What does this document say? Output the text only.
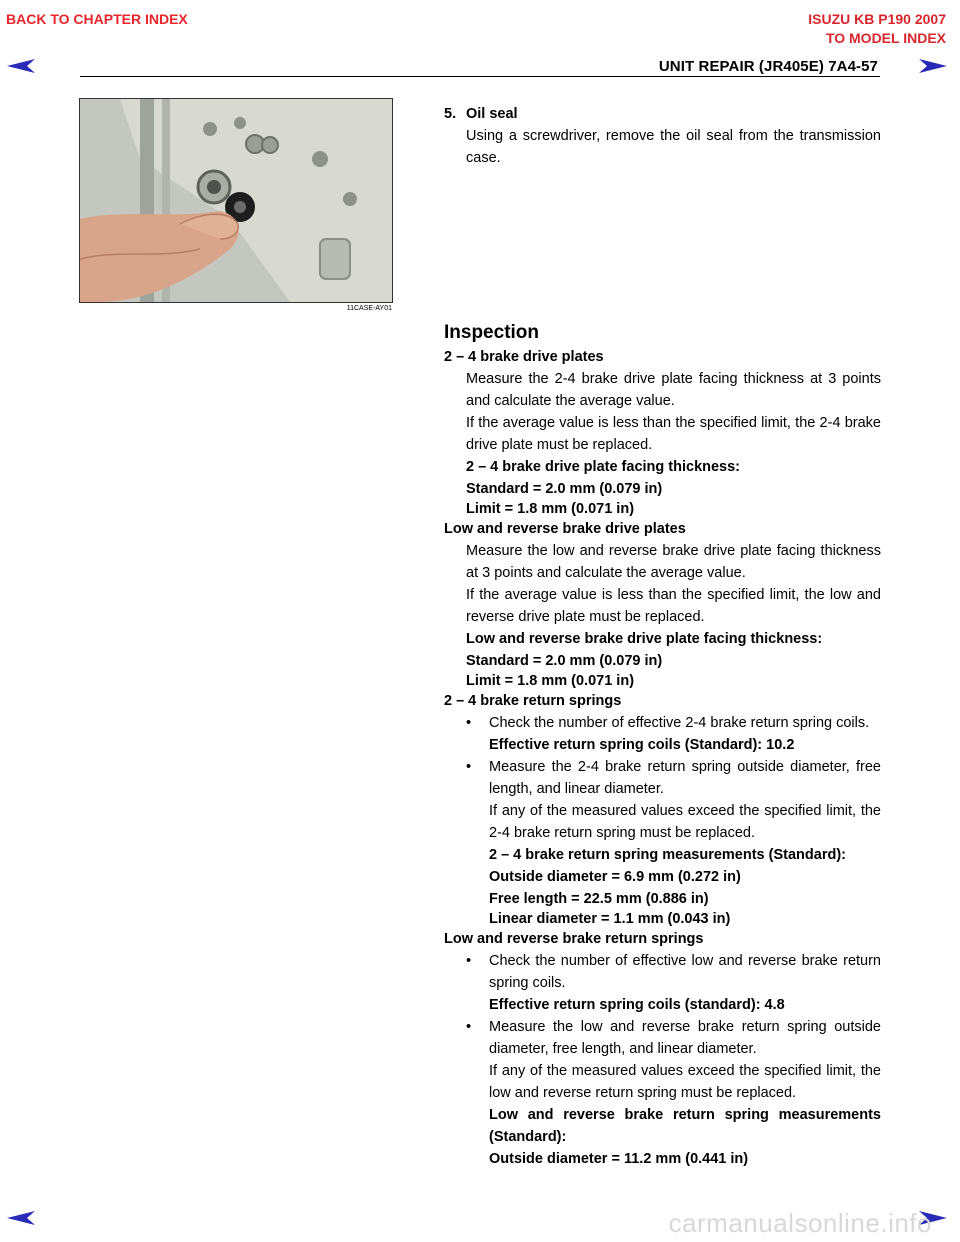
BACK TO CHAPTER INDEX	ISUZU KB P190 2007
TO MODEL INDEX
UNIT REPAIR (JR405E) 7A4-57
11CASE-AY01
5. Oil seal
Using a screwdriver, remove the oil seal from the transmission case.
Inspection
2 – 4 brake drive plates
Measure the 2-4 brake drive plate facing thickness at 3 points and calculate the average value.
If the average value is less than the specified limit, the 2-4 brake drive plate must be replaced.
2 – 4 brake drive plate facing thickness:
Standard = 2.0 mm (0.079 in)
Limit = 1.8 mm (0.071 in)
Low and reverse brake drive plates
Measure the low and reverse brake drive plate facing thickness at 3 points and calculate the average value.
If the average value is less than the specified limit, the low and reverse drive plate must be replaced.
Low and reverse brake drive plate facing thickness:
Standard = 2.0 mm (0.079 in)
Limit = 1.8 mm (0.071 in)
2 – 4 brake return springs
• Check the number of effective 2-4 brake return spring coils.
Effective return spring coils (Standard): 10.2
• Measure the 2-4 brake return spring outside diameter, free length, and linear diameter.
If any of the measured values exceed the specified limit, the 2-4 brake return spring must be replaced.
2 – 4 brake return spring measurements (Standard):
Outside diameter = 6.9 mm (0.272 in)
Free length = 22.5 mm (0.886 in)
Linear diameter = 1.1 mm (0.043 in)
Low and reverse brake return springs
• Check the number of effective low and reverse brake return spring coils.
Effective return spring coils (standard): 4.8
• Measure the low and reverse brake return spring outside diameter, free length, and linear diameter.
If any of the measured values exceed the specified limit, the low and reverse return spring must be replaced.
Low and reverse brake return spring measurements (Standard):
Outside diameter = 11.2 mm (0.441 in)
carmanualsonline.info
